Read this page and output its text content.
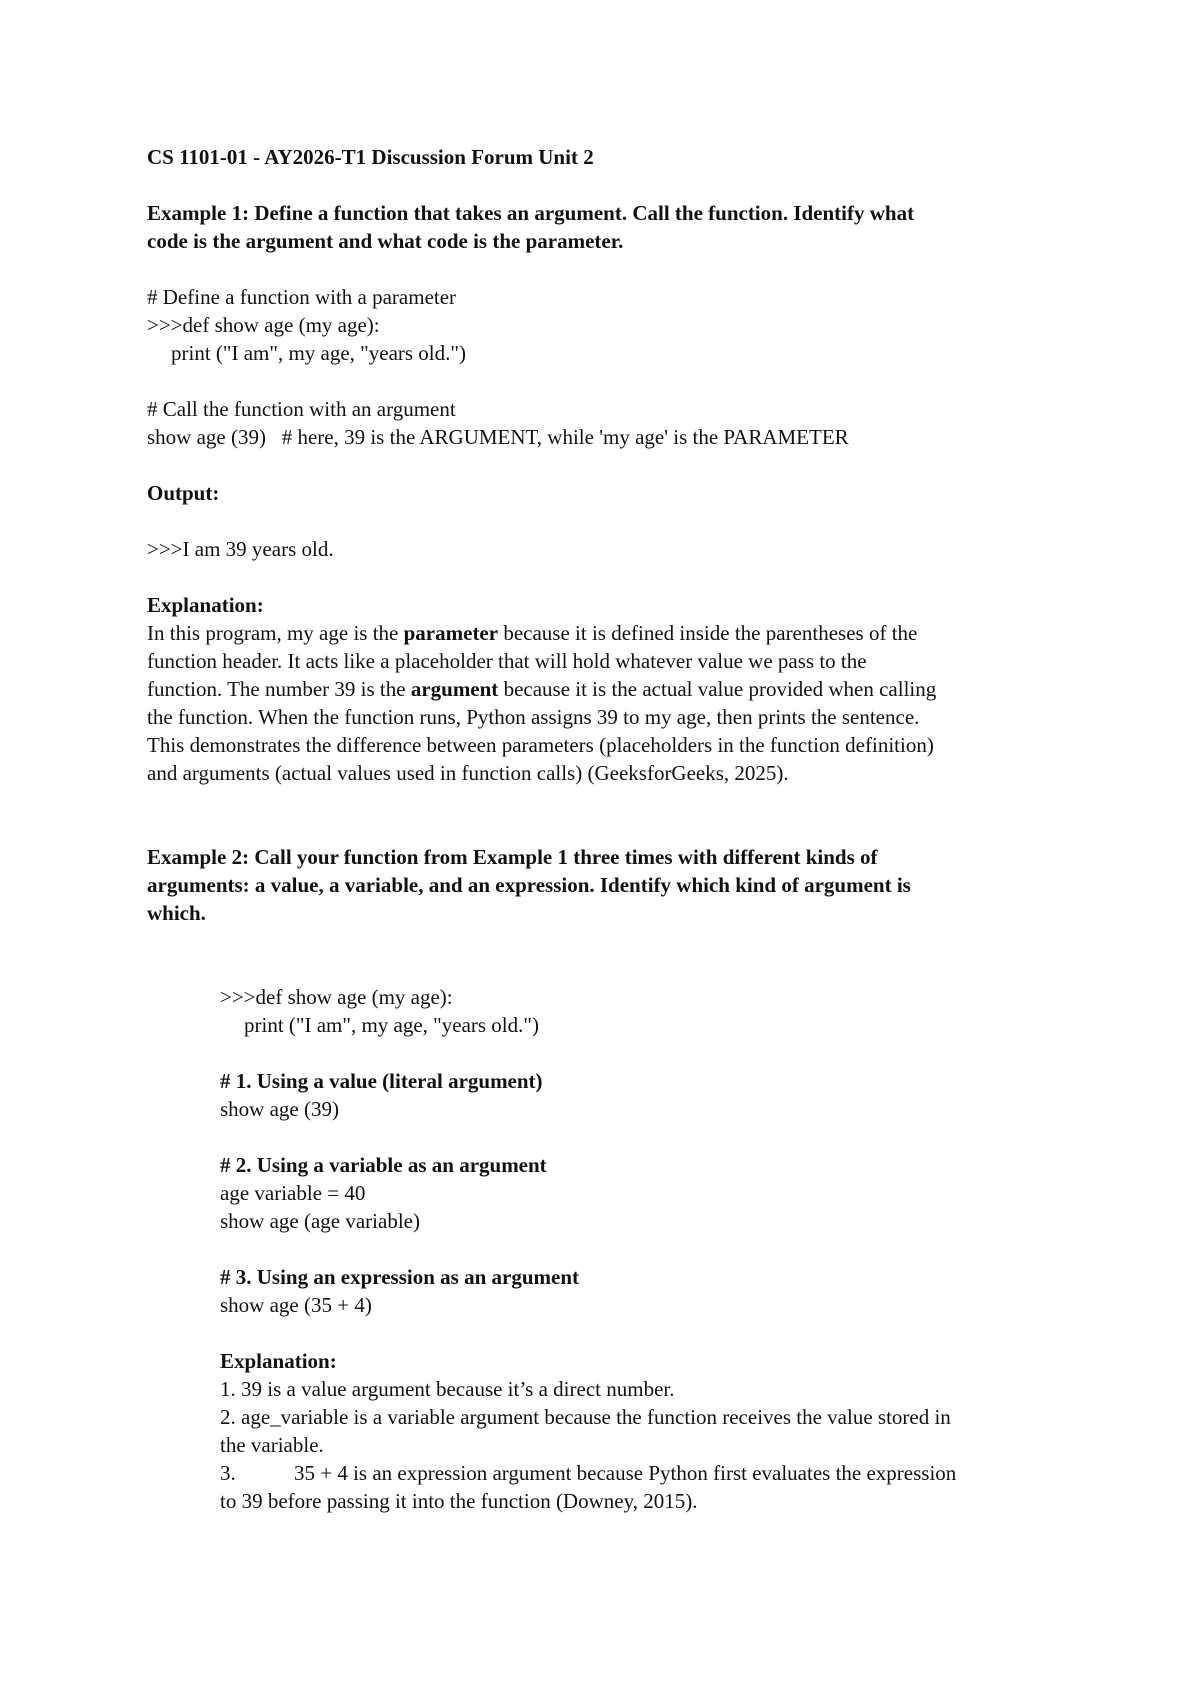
CS 1101-01 - AY2026-T1 Discussion Forum Unit 2
Example 1: Define a function that takes an argument. Call the function. Identify what
code is the argument and what code is the parameter.
# Define a function with a parameter
>>>def show age (my age):
print ("I am", my age, "years old.")
# Call the function with an argument
show age (39)   # here, 39 is the ARGUMENT, while 'my age' is the PARAMETER
Output:
>>>I am 39 years old.
Explanation:
In this program, my age is the parameter because it is defined inside the parentheses of the
function header. It acts like a placeholder that will hold whatever value we pass to the
function. The number 39 is the argument because it is the actual value provided when calling
the function. When the function runs, Python assigns 39 to my age, then prints the sentence.
This demonstrates the difference between parameters (placeholders in the function definition)
and arguments (actual values used in function calls) (GeeksforGeeks, 2025).
Example 2: Call your function from Example 1 three times with different kinds of
arguments: a value, a variable, and an expression. Identify which kind of argument is
which.
>>>def show age (my age):
print ("I am", my age, "years old.")
# 1. Using a value (literal argument)
show age (39)
# 2. Using a variable as an argument
age variable = 40
show age (age variable)
# 3. Using an expression as an argument
show age (35 + 4)
Explanation:
1. 39 is a value argument because it’s a direct number.
2. age_variable is a variable argument because the function receives the value stored in
the variable.
3.	35 + 4 is an expression argument because Python first evaluates the expression
to 39 before passing it into the function (Downey, 2015).
